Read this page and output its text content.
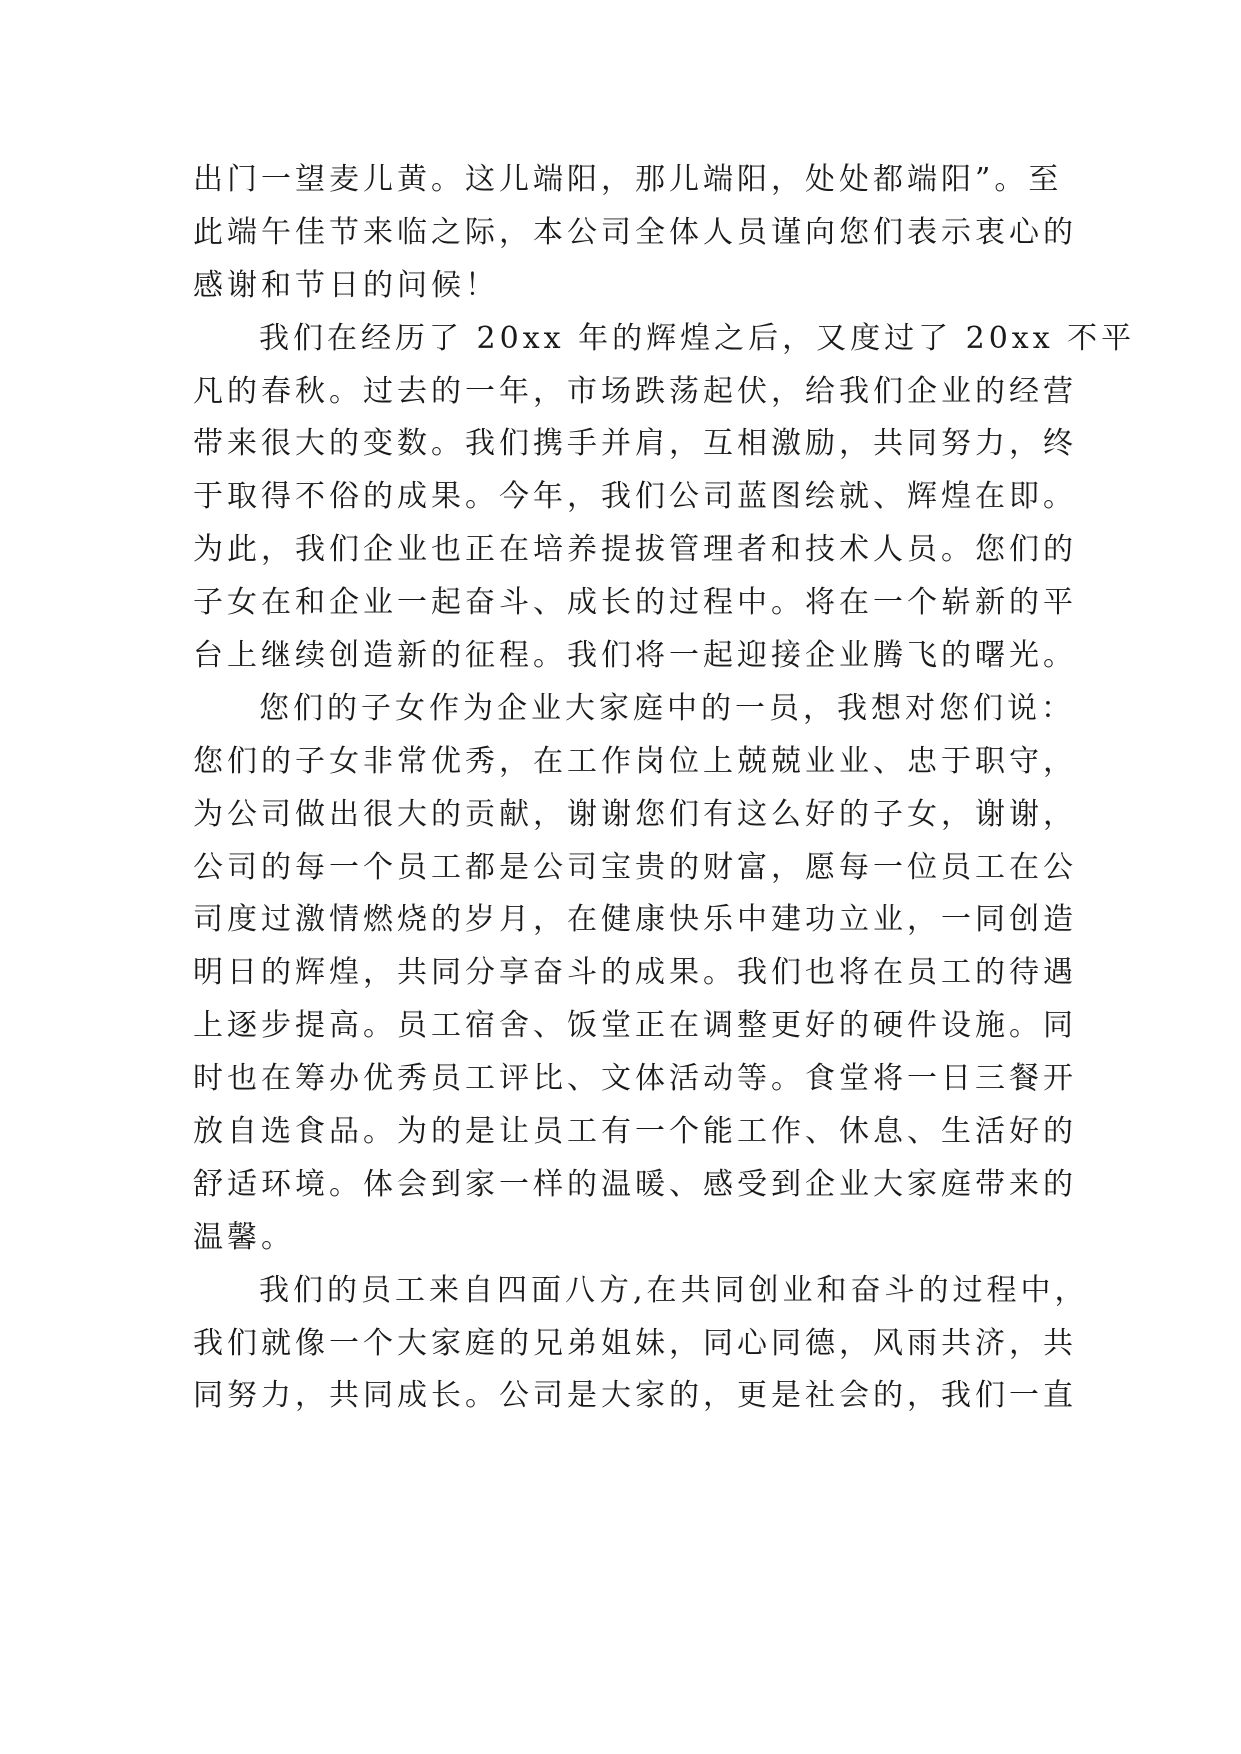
出门一望麦儿黄。这儿端阳，那儿端阳，处处都端阳”。至
此端午佳节来临之际，本公司全体人员谨向您们表示衷心的
感谢和节日的问候！
我们在经历了 20xx 年的辉煌之后，又度过了 20xx 不平
凡的春秋。过去的一年，市场跌荡起伏，给我们企业的经营
带来很大的变数。我们携手并肩，互相激励，共同努力，终
于取得不俗的成果。今年，我们公司蓝图绘就、辉煌在即。
为此，我们企业也正在培养提拔管理者和技术人员。您们的
子女在和企业一起奋斗、成长的过程中。将在一个崭新的平
台上继续创造新的征程。我们将一起迎接企业腾飞的曙光。
您们的子女作为企业大家庭中的一员，我想对您们说：
您们的子女非常优秀，在工作岗位上兢兢业业、忠于职守，
为公司做出很大的贡献，谢谢您们有这么好的子女，谢谢，
公司的每一个员工都是公司宝贵的财富，愿每一位员工在公
司度过激情燃烧的岁月，在健康快乐中建功立业，一同创造
明日的辉煌，共同分享奋斗的成果。我们也将在员工的待遇
上逐步提高。员工宿舍、饭堂正在调整更好的硬件设施。同
时也在筹办优秀员工评比、文体活动等。食堂将一日三餐开
放自选食品。为的是让员工有一个能工作、休息、生活好的
舒适环境。体会到家一样的温暖、感受到企业大家庭带来的
温馨。
我们的员工来自四面八方,在共同创业和奋斗的过程中，
我们就像一个大家庭的兄弟姐妹，同心同德，风雨共济，共
同努力，共同成长。公司是大家的，更是社会的，我们一直
